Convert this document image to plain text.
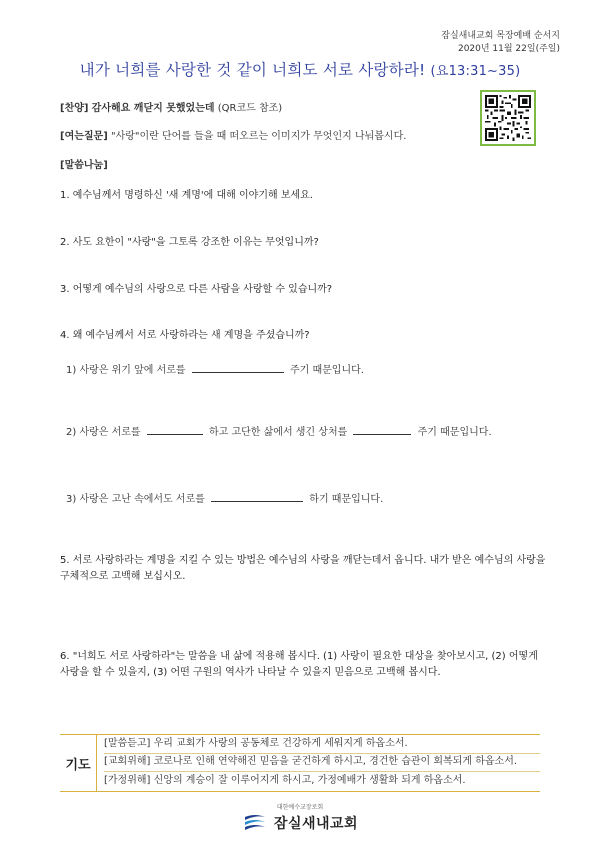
잠실새내교회 목장예배 순서지
2020년 11월 22일(주일)
내가 너희를 사랑한 것 같이 너희도 서로 사랑하라! (요13:31~35)
[찬양] 감사해요 깨닫지 못했었는데 (QR코드 참조)
[여는질문] "사랑"이란 단어를 들을 때 떠오르는 이미지가 무엇인지 나눠봅시다.
[말씀나눔]
1. 예수님께서 명령하신 '새 계명'에 대해 이야기해 보세요.
2. 사도 요한이 "사랑"을 그토록 강조한 이유는 무엇입니까?
3. 어떻게 예수님의 사랑으로 다른 사람을 사랑할 수 있습니까?
4. 왜 예수님께서 서로 사랑하라는 새 계명을 주셨습니까?
1) 사랑은 위기 앞에 서로를	주기 때문입니다.
2) 사랑은 서로를	하고 고단한 삶에서 생긴 상처를	주기 때문입니다.
3) 사랑은 고난 속에서도 서로를	하기 때문입니다.
5. 서로 사랑하라는 계명을 지킬 수 있는 방법은 예수님의 사랑을 깨닫는데서 옵니다. 내가 받은 예수님의 사랑을 구체적으로 고백해 보십시오.
6. "너희도 서로 사랑하라"는 말씀을 내 삶에 적용해 봅시다. (1) 사랑이 필요한 대상을 찾아보시고, (2) 어떻게 사랑을 할 수 있을지, (3) 어떤 구원의 역사가 나타날 수 있을지 믿음으로 고백해 봅시다.
기도
[말씀듣고] 우리 교회가 사랑의 공동체로 건강하게 세워지게 하옵소서.
[교회위해] 코로나로 인해 연약해진 믿음을 굳건하게 하시고, 경건한 습관이 회복되게 하옵소서.
[가정위해] 신앙의 계승이 잘 이루어지게 하시고, 가정예배가 생활화 되게 하옵소서.
대한예수교장로회
잠실새내교회
